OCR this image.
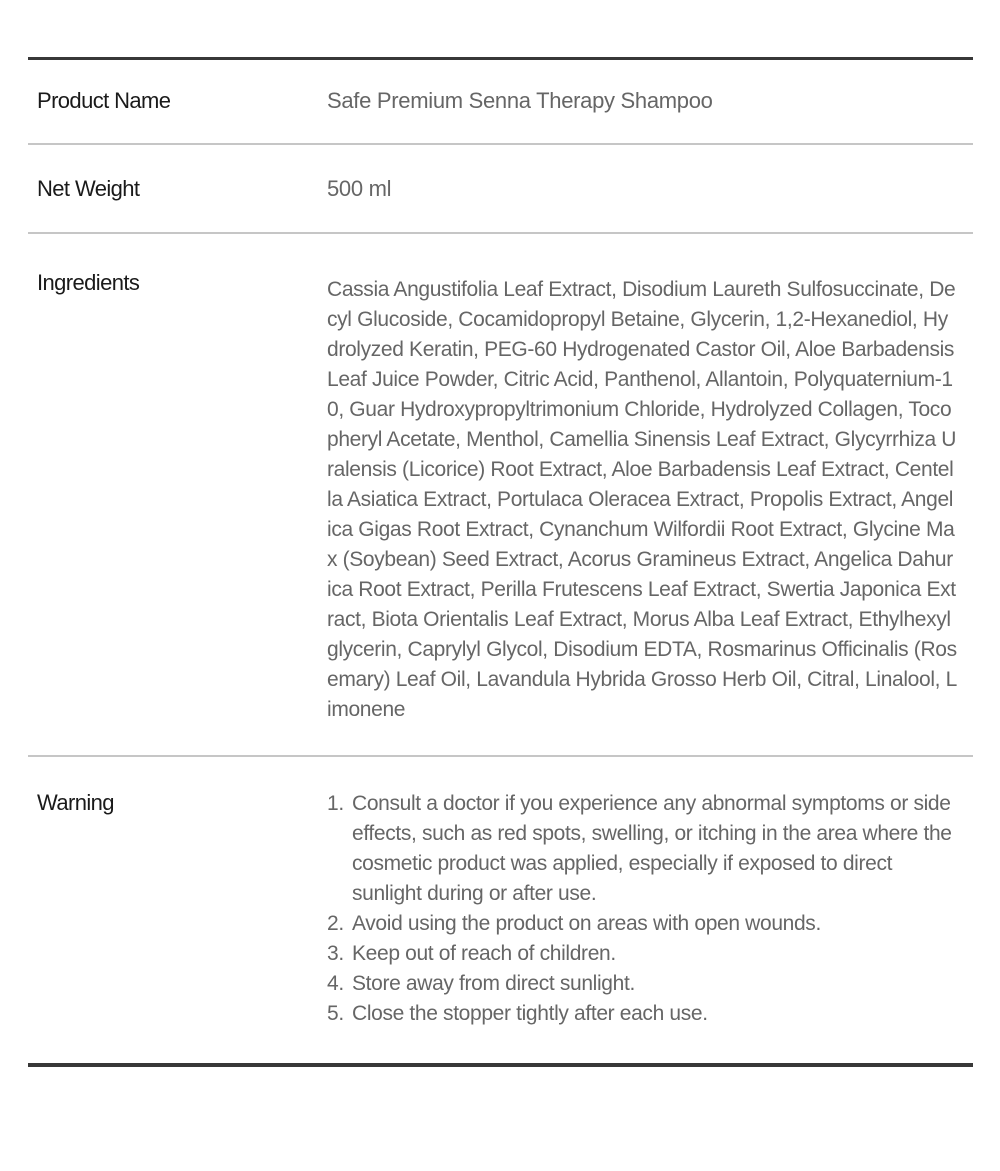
Product Name	Safe Premium Senna Therapy Shampoo
Net Weight	500 ml
Ingredients	Cassia Angustifolia Leaf Extract, Disodium Laureth Sulfosuccinate, Decyl Glucoside, Cocamidopropyl Betaine, Glycerin, 1,2-Hexanediol, Hydrolyzed Keratin, PEG-60 Hydrogenated Castor Oil, Aloe Barbadensis Leaf Juice Powder, Citric Acid, Panthenol, Allantoin, Polyquaternium-10, Guar Hydroxypropyltrimonium Chloride, Hydrolyzed Collagen, Tocopheryl Acetate, Menthol, Camellia Sinensis Leaf Extract, Glycyrrhiza Uralensis (Licorice) Root Extract, Aloe Barbadensis Leaf Extract, Centella Asiatica Extract, Portulaca Oleracea Extract, Propolis Extract, Angelica Gigas Root Extract, Cynanchum Wilfordii Root Extract, Glycine Max (Soybean) Seed Extract, Acorus Gramineus Extract, Angelica Dahurica Root Extract, Perilla Frutescens Leaf Extract, Swertia Japonica Extract, Biota Orientalis Leaf Extract, Morus Alba Leaf Extract, Ethylhexylglycerin, Caprylyl Glycol, Disodium EDTA, Rosmarinus Officinalis (Rosemary) Leaf Oil, Lavandula Hybrida Grosso Herb Oil, Citral, Linalool, Limonene
Warning	1. Consult a doctor if you experience any abnormal symptoms or side effects, such as red spots, swelling, or itching in the area where the cosmetic product was applied, especially if exposed to direct sunlight during or after use.
2. Avoid using the product on areas with open wounds.
3. Keep out of reach of children.
4. Store away from direct sunlight.
5. Close the stopper tightly after each use.
